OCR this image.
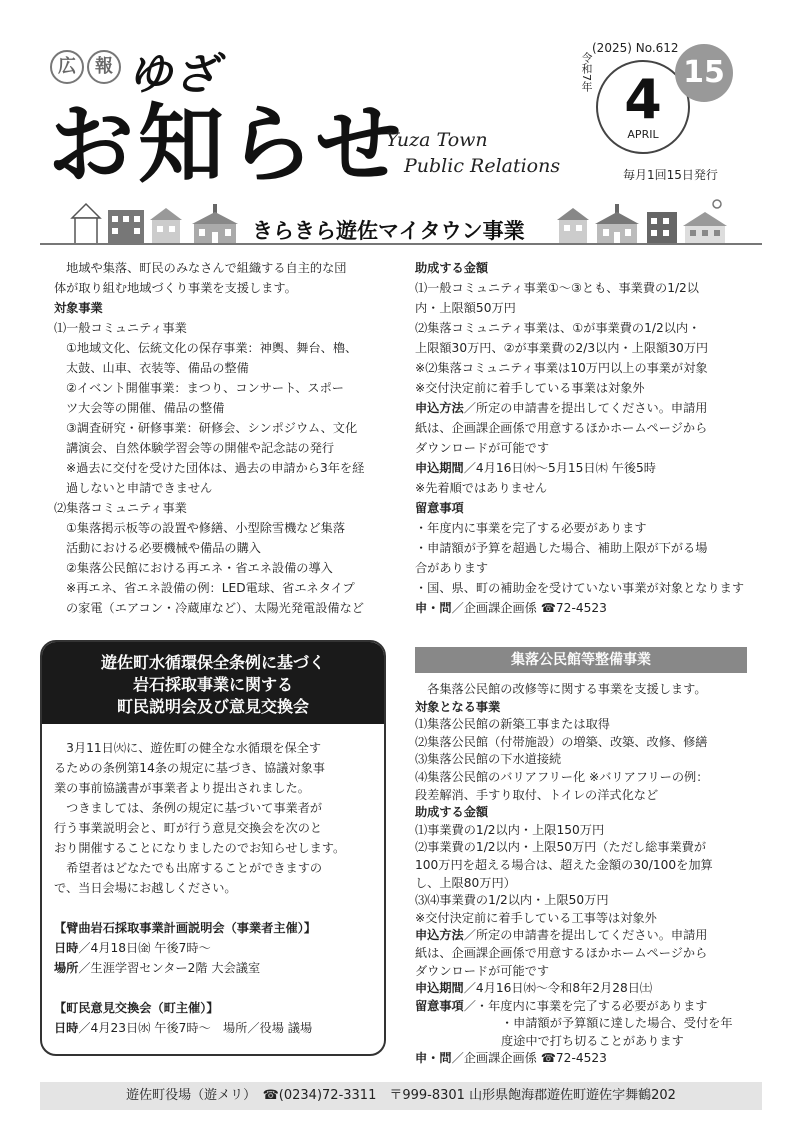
広	報 ゆざ
お知らせ
Yuza Town
Public Relations
令和7年
(2025) No.612
4
APRIL
15
毎月1回15日発行
きらきら遊佐マイタウン事業

　地域や集落、町民のみなさんで組織する自主的な団

体が取り組む地域づくり事業を支援します。

対象事業

⑴一般コミュニティ事業

①地域文化、伝統文化の保存事業：神輿、舞台、櫓、

太鼓、山車、衣装等、備品の整備

②イベント開催事業：まつり、コンサート、スポー

ツ大会等の開催、備品の整備

③調査研究・研修事業：研修会、シンポジウム、文化

講演会、自然体験学習会等の開催や記念誌の発行

※過去に交付を受けた団体は、過去の申請から3年を経

過しないと申請できません

⑵集落コミュニティ事業

①集落掲示板等の設置や修繕、小型除雪機など集落

活動における必要機械や備品の購入

②集落公民館における再エネ・省エネ設備の導入

※再エネ、省エネ設備の例：LED電球、省エネタイプ

の家電（エアコン・冷蔵庫など）、太陽光発電設備など

助成する金額

⑴一般コミュニティ事業①～③とも、事業費の1/2以

内・上限額50万円

⑵集落コミュニティ事業は、①が事業費の1/2以内・

上限額30万円、②が事業費の2/3以内・上限額30万円

※⑵集落コミュニティ事業は10万円以上の事業が対象

※交付決定前に着手している事業は対象外

申込方法／所定の申請書を提出してください。申請用

紙は、企画課企画係で用意するほかホームページから

ダウンロードが可能です

申込期間／4月16日㈬～5月15日㈭ 午後5時

※先着順ではありません

留意事項

・年度内に事業を完了する必要があります

・申請額が予算を超過した場合、補助上限が下がる場

合があります

・国、県、町の補助金を受けていない事業が対象となります

申・問／企画課企画係 ☎72-4523

遊佐町水循環保全条例に基づく
岩石採取事業に関する
町民説明会及び意見交換会

　3月11日㈫に、遊佐町の健全な水循環を保全す

るための条例第14条の規定に基づき、協議対象事

業の事前協議書が事業者より提出されました。

　つきましては、条例の規定に基づいて事業者が

行う事業説明会と、町が行う意見交換会を次のと

おり開催することになりましたのでお知らせします。

　希望者はどなたでも出席することができますの

で、当日会場にお越しください。

【臂曲岩石採取事業計画説明会（事業者主催）】

日時／4月18日㈮ 午後7時～

場所／生涯学習センター2階 大会議室

【町民意見交換会（町主催）】

日時／4月23日㈬ 午後7時～　場所／役場 議場

集落公民館等整備事業

　各集落公民館の改修等に関する事業を支援します。

対象となる事業

⑴集落公民館の新築工事または取得

⑵集落公民館（付帯施設）の増築、改築、改修、修繕

⑶集落公民館の下水道接続

⑷集落公民館のバリアフリー化 ※バリアフリーの例：

段差解消、手すり取付、トイレの洋式化など

助成する金額

⑴事業費の1/2以内・上限150万円

⑵事業費の1/2以内・上限50万円（ただし総事業費が

100万円を超える場合は、超えた金額の30/100を加算

し、上限80万円）

⑶⑷事業費の1/2以内・上限50万円

※交付決定前に着手している工事等は対象外

申込方法／所定の申請書を提出してください。申請用

紙は、企画課企画係で用意するほかホームページから

ダウンロードが可能です

申込期間／4月16日㈬～令和8年2月28日㈯

留意事項／・年度内に事業を完了する必要があります

・申請額が予算額に達した場合、受付を年

度途中で打ち切ることがあります

申・問／企画課企画係 ☎72-4523

遊佐町役場（遊メリ）　☎(0234)72-3311　〒999-8301 山形県飽海郡遊佐町遊佐字舞鶴202
